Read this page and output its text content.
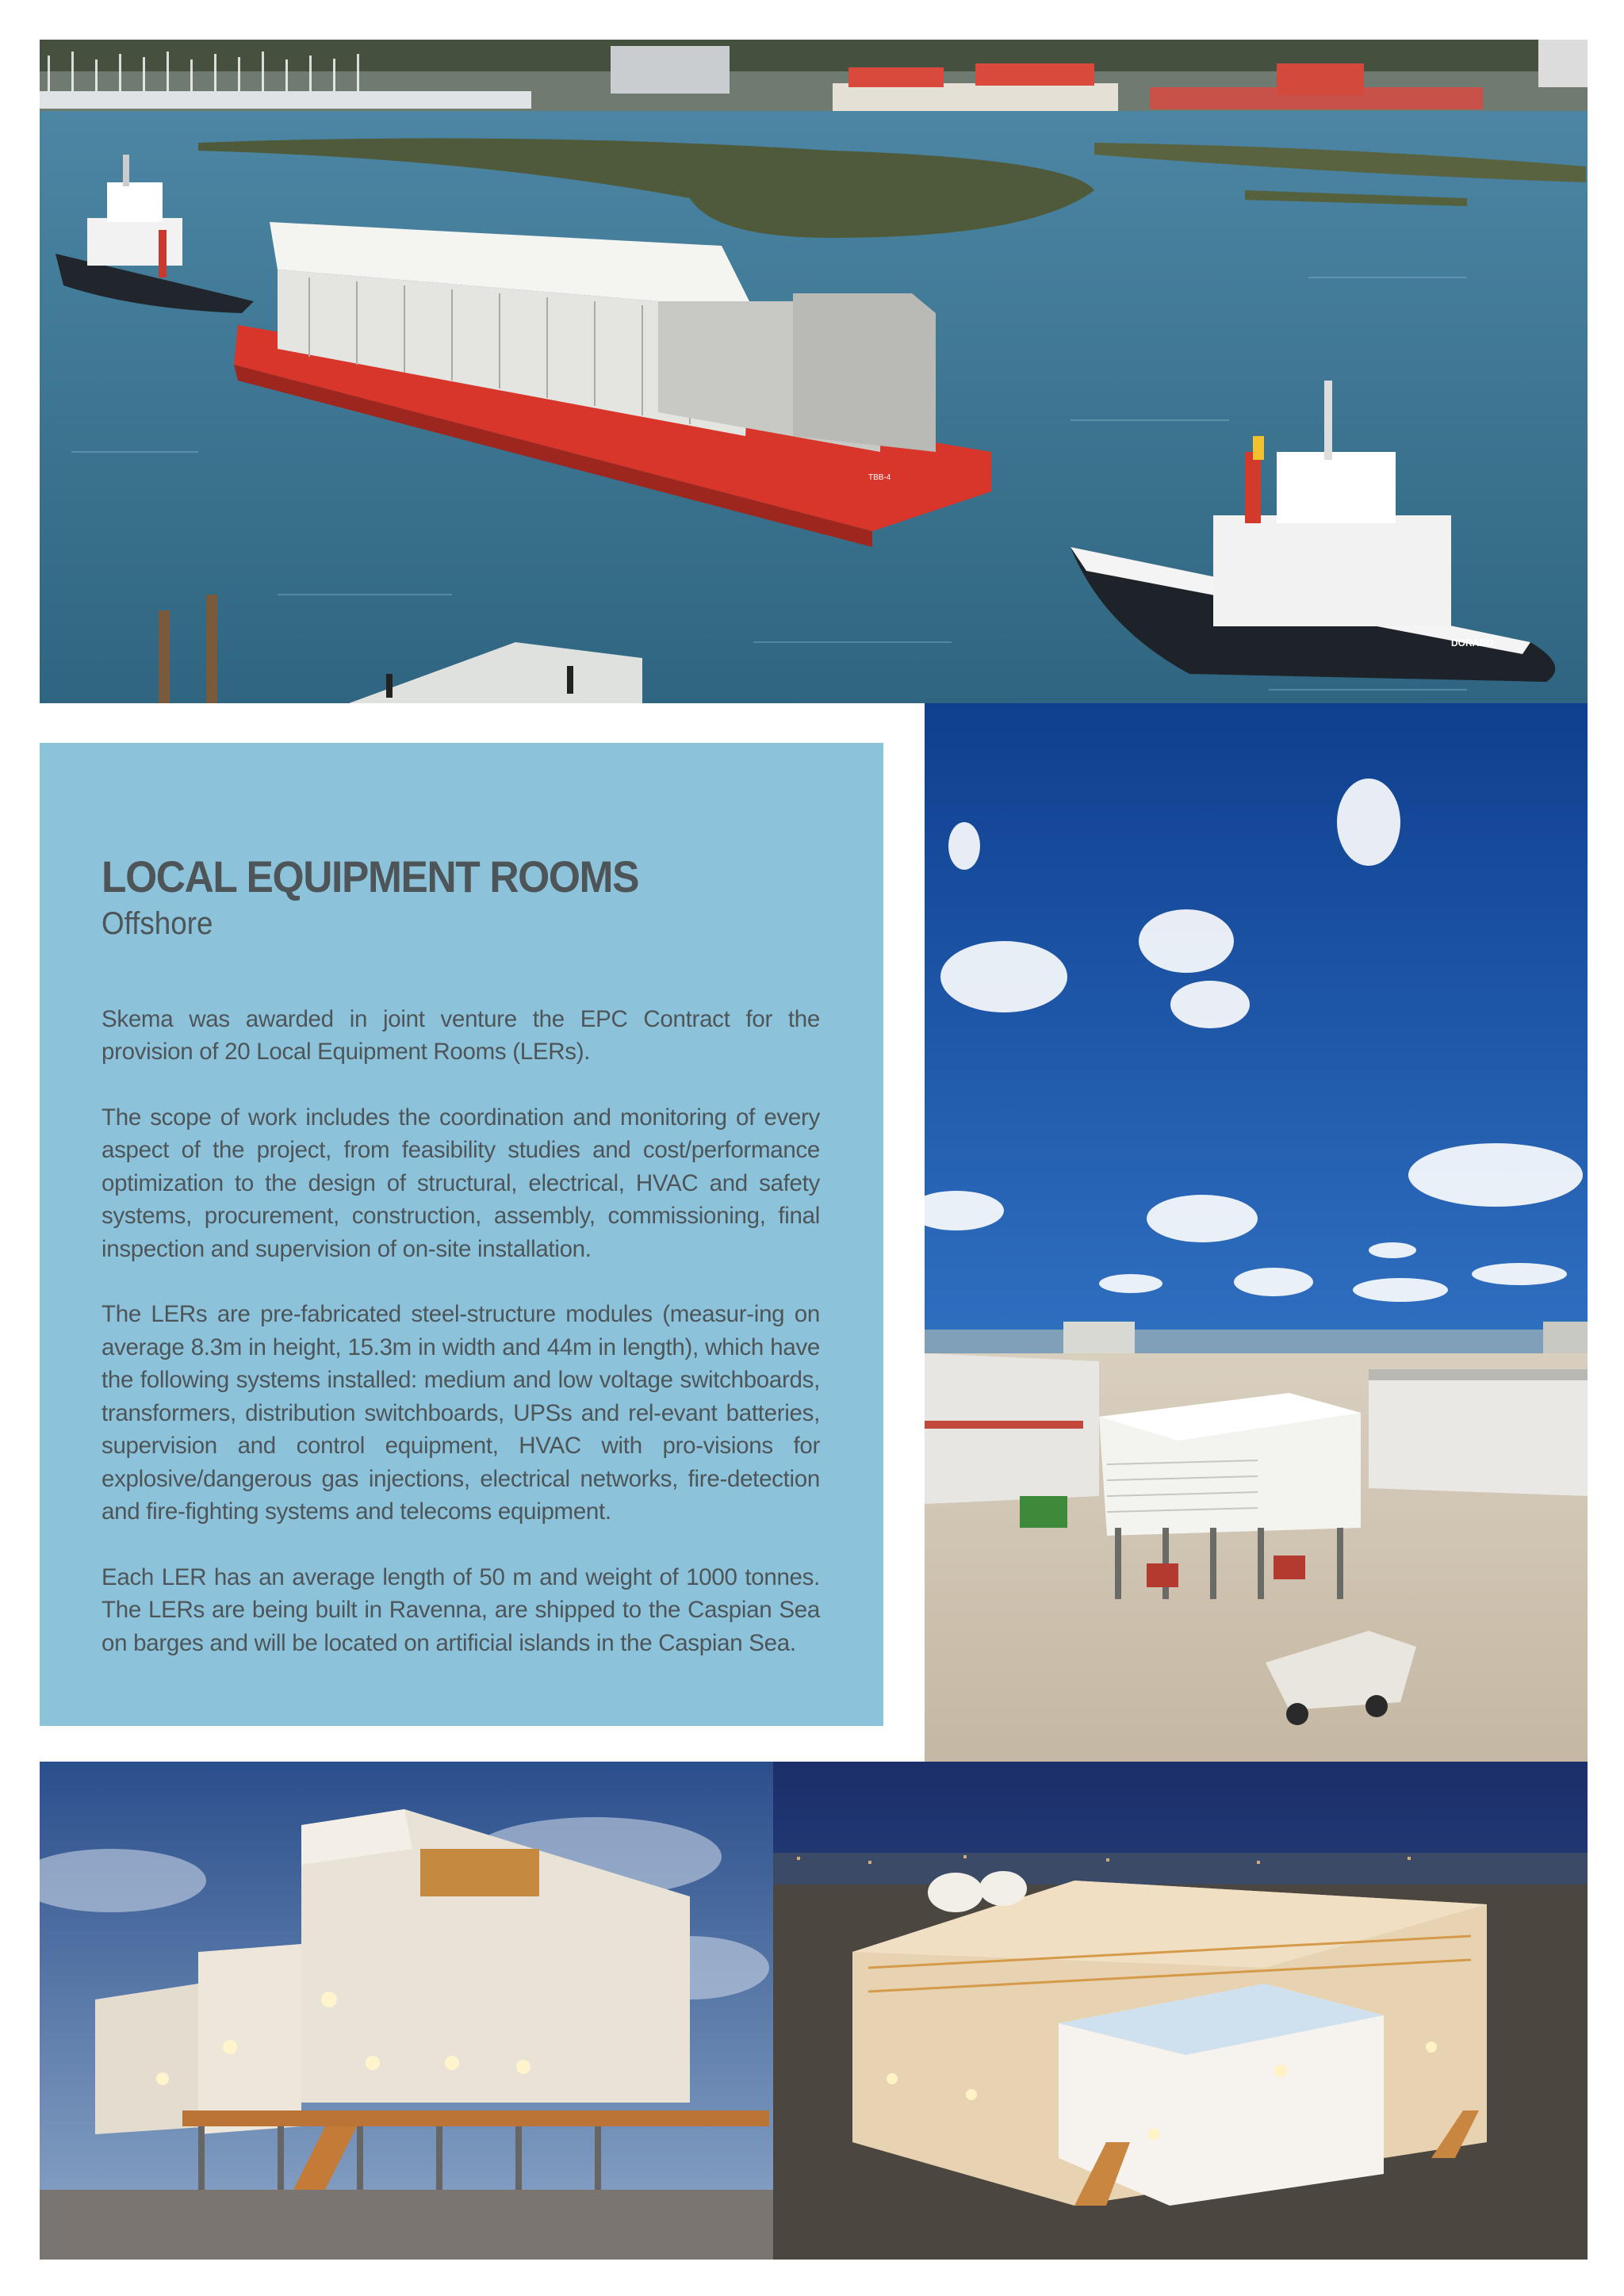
TBB-4
DORADO
LOCAL EQUIPMENT ROOMS
Offshore

Skema was awarded in joint venture the EPC Contract for the provision of 20 Local Equipment Rooms (LERs).

The scope of work includes the coordination and monitoring of every aspect of the project, from feasibility studies and cost/performance optimization to the design of structural, electrical, HVAC and safety systems, procurement, construction, assembly, commissioning, final inspection and supervision of on-site installation.

The LERs are pre-fabricated steel-structure modules (measur-ing on average 8.3m in height, 15.3m in width and 44m in length), which have the following systems installed: medium and low voltage switchboards, transformers, distribution switchboards, UPSs and rel-evant batteries, supervision and control equipment, HVAC with pro-visions for explosive/dangerous gas injections, electrical networks, fire-detection and fire-fighting systems and telecoms equipment.

Each LER has an average length of 50 m and weight of 1000 tonnes. The LERs are being built in Ravenna, are shipped to the Caspian Sea on barges and will be located on artificial islands in the Caspian Sea.
